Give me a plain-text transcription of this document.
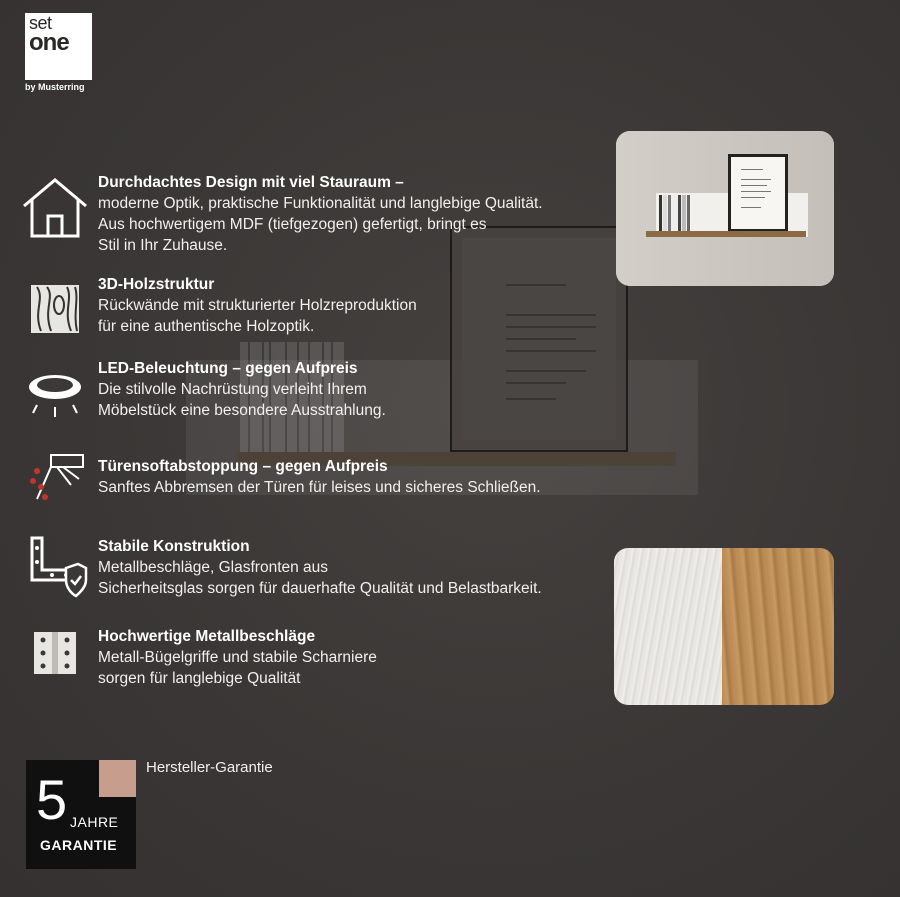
set
one
by Musterring
Durchdachtes Design mit viel Stauraum –
moderne Optik, praktische Funktionalität und langlebige Qualität.
Aus hochwertigem MDF (tiefgezogen) gefertigt, bringt es
Stil in Ihr Zuhause.
3D-Holzstruktur
Rückwände mit strukturierter Holzreproduktion
für eine authentische Holzoptik.
LED-Beleuchtung – gegen Aufpreis
Die stilvolle Nachrüstung verleiht Ihrem
Möbelstück eine besondere Ausstrahlung.
Türensoftabstoppung – gegen Aufpreis
Sanftes Abbremsen der Türen für leises und sicheres Schließen.
Stabile Konstruktion
Metallbeschläge, Glasfronten aus
Sicherheitsglas sorgen für dauerhafte Qualität und Belastbarkeit.
Hochwertige Metallbeschläge
Metall-Bügelgriffe und stabile Scharniere
sorgen für langlebige Qualität
5 JAHRE
GARANTIE
Hersteller-Garantie
